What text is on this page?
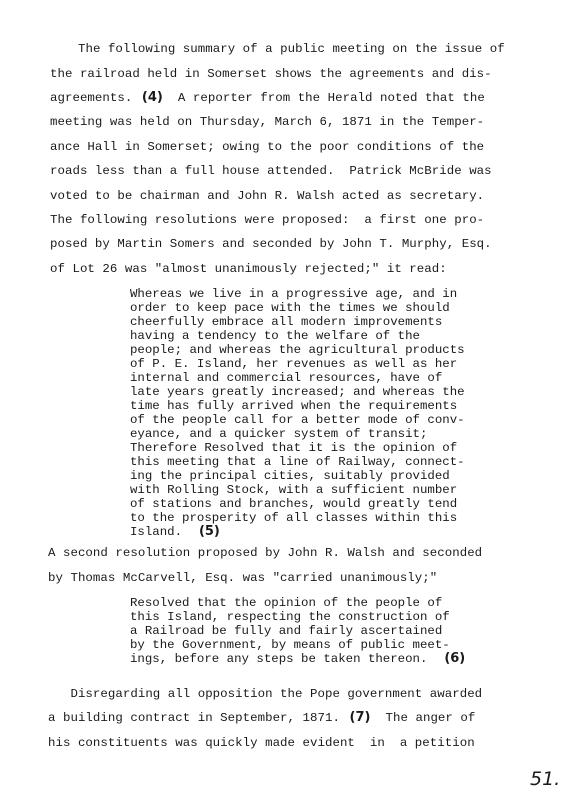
The following summary of a public meeting on the issue of
the railroad held in Somerset shows the agreements and dis-
agreements. (4) A reporter from the Herald noted that the
meeting was held on Thursday, March 6, 1871 in the Temper-
ance Hall in Somerset; owing to the poor conditions of the
roads less than a full house attended.  Patrick McBride was
voted to be chairman and John R. Walsh acted as secretary.
The following resolutions were proposed:  a first one pro-
posed by Martin Somers and seconded by John T. Murphy, Esq.
of Lot 26 was "almost unanimously rejected;" it read:
Whereas we live in a progressive age, and in
order to keep pace with the times we should
cheerfully embrace all modern improvements
having a tendency to the welfare of the
people; and whereas the agricultural products
of P. E. Island, her revenues as well as her
internal and commercial resources, have of
late years greatly increased; and whereas the
time has fully arrived when the requirements
of the people call for a better mode of conv-
eyance, and a quicker system of transit;
Therefore Resolved that it is the opinion of
this meeting that a line of Railway, connect-
ing the principal cities, suitably provided
with Rolling Stock, with a sufficient number
of stations and branches, would greatly tend
to the prosperity of all classes within this
Island. (5)
A second resolution proposed by John R. Walsh and seconded
by Thomas McCarvell, Esq. was "carried unanimously;"
Resolved that the opinion of the people of
this Island, respecting the construction of
a Railroad be fully and fairly ascertained
by the Government, by means of public meet-
ings, before any steps be taken thereon. (6)
Disregarding all opposition the Pope government awarded
a building contract in September, 1871. (7) The anger of
his constituents was quickly made evident  in  a petition
51.
